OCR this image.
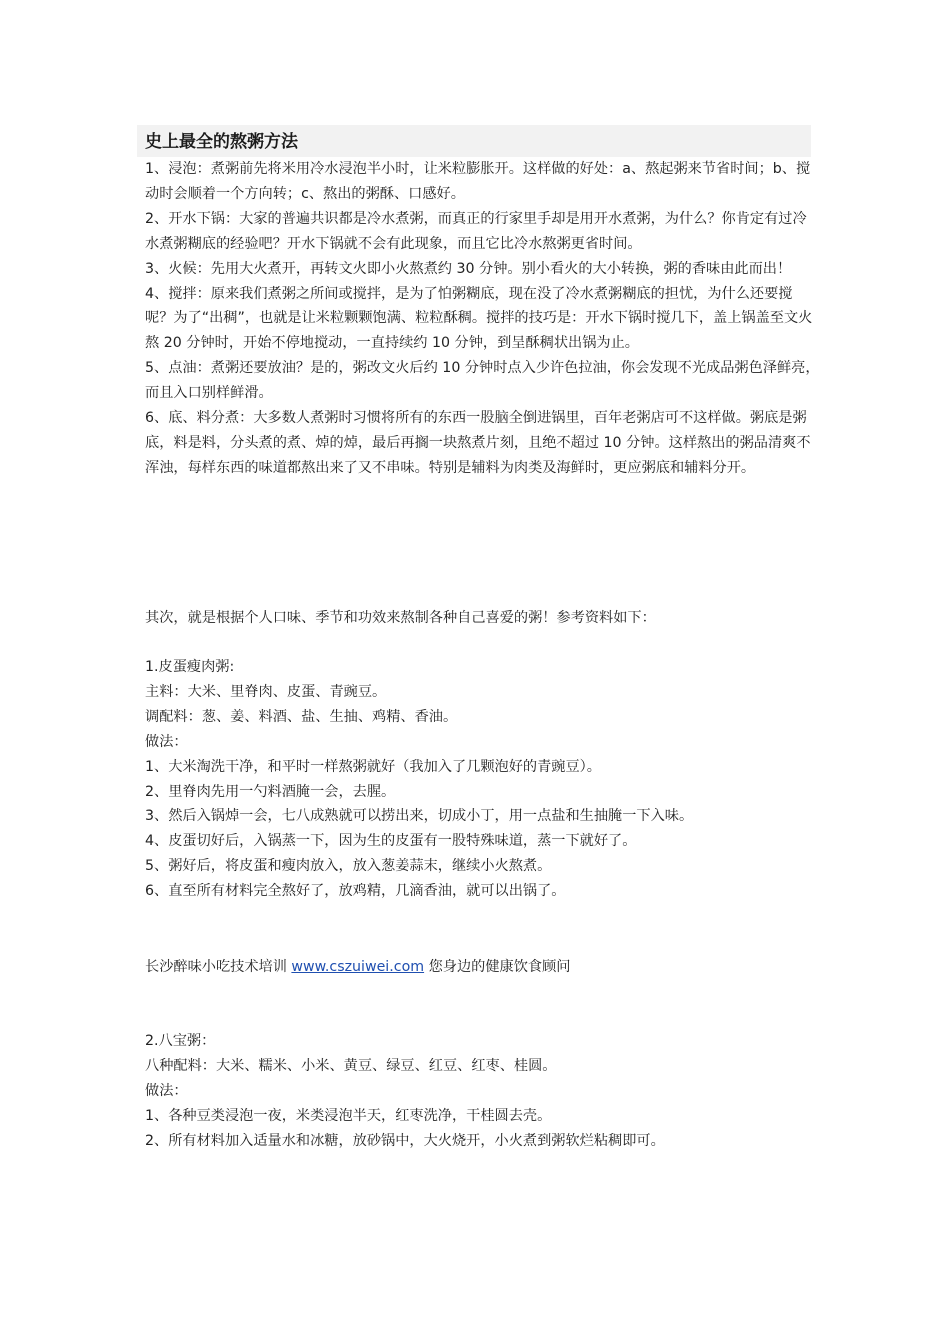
史上最全的熬粥方法

1、浸泡：煮粥前先将米用冷水浸泡半小时，让米粒膨胀开。这样做的好处：a、熬起粥来节省时间；b、搅动时会顺着一个方向转；c、熬出的粥酥、口感好。

2、开水下锅：大家的普遍共识都是冷水煮粥，而真正的行家里手却是用开水煮粥，为什么？你肯定有过冷水煮粥糊底的经验吧？开水下锅就不会有此现象，而且它比冷水熬粥更省时间。

3、火候：先用大火煮开，再转文火即小火熬煮约 30 分钟。别小看火的大小转换，粥的香味由此而出！

4、搅拌：原来我们煮粥之所间或搅拌，是为了怕粥糊底，现在没了冷水煮粥糊底的担忧，为什么还要搅呢？为了“出稠”，也就是让米粒颗颗饱满、粒粒酥稠。搅拌的技巧是：开水下锅时搅几下，盖上锅盖至文火熬 20 分钟时，开始不停地搅动，一直持续约 10 分钟，到呈酥稠状出锅为止。

5、点油：煮粥还要放油？是的，粥改文火后约 10 分钟时点入少许色拉油，你会发现不光成品粥色泽鲜亮，而且入口别样鲜滑。

6、底、料分煮：大多数人煮粥时习惯将所有的东西一股脑全倒进锅里，百年老粥店可不这样做。粥底是粥底，料是料，分头煮的煮、焯的焯，最后再搁一块熬煮片刻，且绝不超过 10 分钟。这样熬出的粥品清爽不浑浊，每样东西的味道都熬出来了又不串味。特别是辅料为肉类及海鲜时，更应粥底和辅料分开。

其次，就是根据个人口味、季节和功效来熬制各种自己喜爱的粥！参考资料如下：

1.皮蛋瘦肉粥:

主料：大米、里脊肉、皮蛋、青豌豆。

调配料：葱、姜、料酒、盐、生抽、鸡精、香油。

做法：

1、大米淘洗干净，和平时一样熬粥就好（我加入了几颗泡好的青豌豆）。

2、里脊肉先用一勺料酒腌一会，去腥。

3、然后入锅焯一会，七八成熟就可以捞出来，切成小丁，用一点盐和生抽腌一下入味。

4、皮蛋切好后，入锅蒸一下，因为生的皮蛋有一股特殊味道，蒸一下就好了。

5、粥好后，将皮蛋和瘦肉放入，放入葱姜蒜末，继续小火熬煮。

6、直至所有材料完全熬好了，放鸡精，几滴香油，就可以出锅了。

长沙醉味小吃技术培训 www.cszuiwei.com 您身边的健康饮食顾问

2.八宝粥：

八种配料：大米、糯米、小米、黄豆、绿豆、红豆、红枣、桂圆。

做法：

1、各种豆类浸泡一夜，米类浸泡半天，红枣洗净，干桂圆去壳。

2、所有材料加入适量水和冰糖，放砂锅中，大火烧开，小火煮到粥软烂粘稠即可。
